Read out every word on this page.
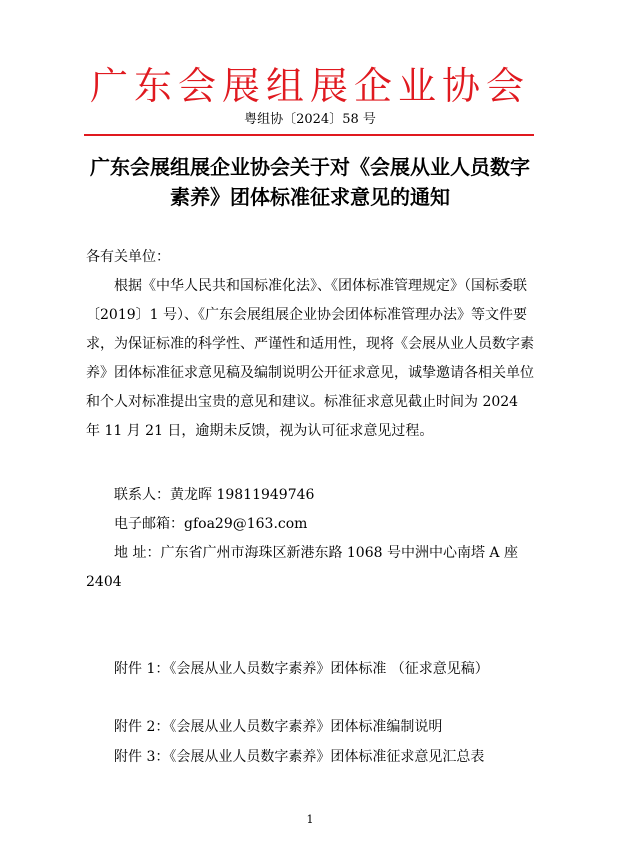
广东会展组展企业协会
粤组协〔2024〕58 号
广东会展组展企业协会关于对《会展从业人员数字素养》团体标准征求意见的通知
各有关单位：
根据《中华人民共和国标准化法》、《团体标准管理规定》（国标委联〔2019〕1 号）、《广东会展组展企业协会团体标准管理办法》等文件要求，为保证标准的科学性、严谨性和适用性，现将《会展从业人员数字素养》团体标准征求意见稿及编制说明公开征求意见，诚挚邀请各相关单位和个人对标准提出宝贵的意见和建议。标准征求意见截止时间为 2024 年 11 月 21 日，逾期未反馈，视为认可征求意见过程。
联系人：黄龙晖 19811949746
电子邮箱：gfoa29@163.com
地 址：广东省广州市海珠区新港东路 1068 号中洲中心南塔 A 座 2404
附件 1：《会展从业人员数字素养》团体标准 （征求意见稿）
附件 2：《会展从业人员数字素养》团体标准编制说明
附件 3：《会展从业人员数字素养》团体标准征求意见汇总表
1
